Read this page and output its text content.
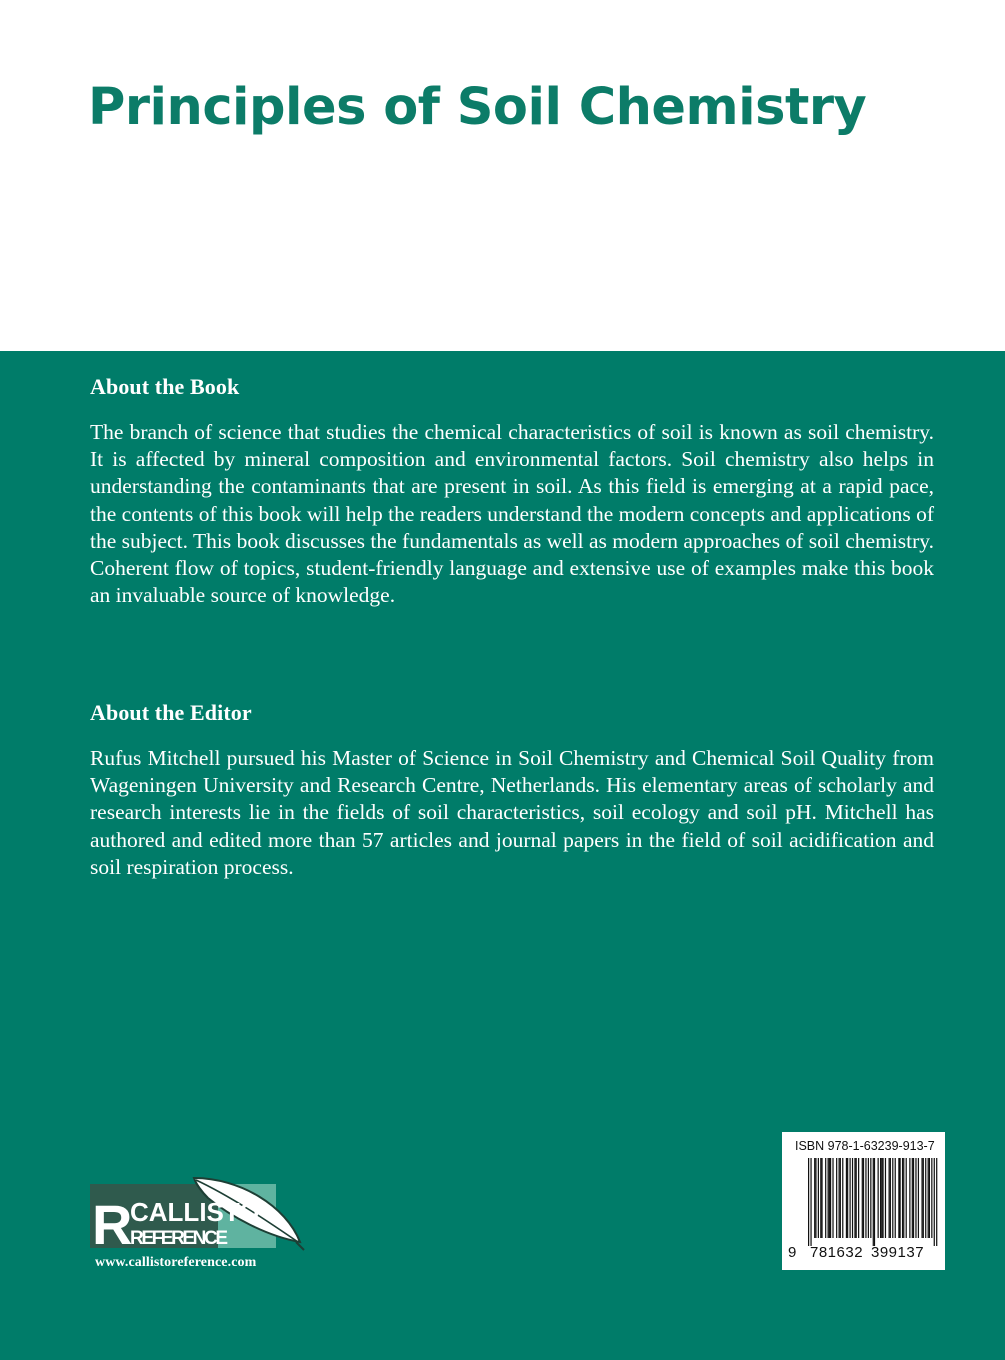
Principles of Soil Chemistry
About the Book

The branch of science that studies the chemical characteristics of soil is known as soil chemistry. It is affected by mineral composition and environmental factors. Soil chemistry also helps in understanding the contaminants that are present in soil. As this field is emerging at a rapid pace, the contents of this book will help the readers understand the modern concepts and applications of the subject. This book discusses the fundamentals as well as modern approaches of soil chemistry. Coherent flow of topics, student-friendly language and extensive use of examples make this book an invaluable source of knowledge.

About the Editor

Rufus Mitchell pursued his Master of Science in Soil Chemistry and Chemical Soil Quality from Wageningen University and Research Centre, Netherlands. His elementary areas of scholarly and research interests lie in the fields of soil characteristics, soil ecology and soil pH. Mitchell has authored and edited more than 57 articles and journal papers in the field of soil acidification and soil respiration process.

R
CALLISTO
REFERENCE
www.callistoreference.com
ISBN 978-1-63239-913-7
9 781632 399137
